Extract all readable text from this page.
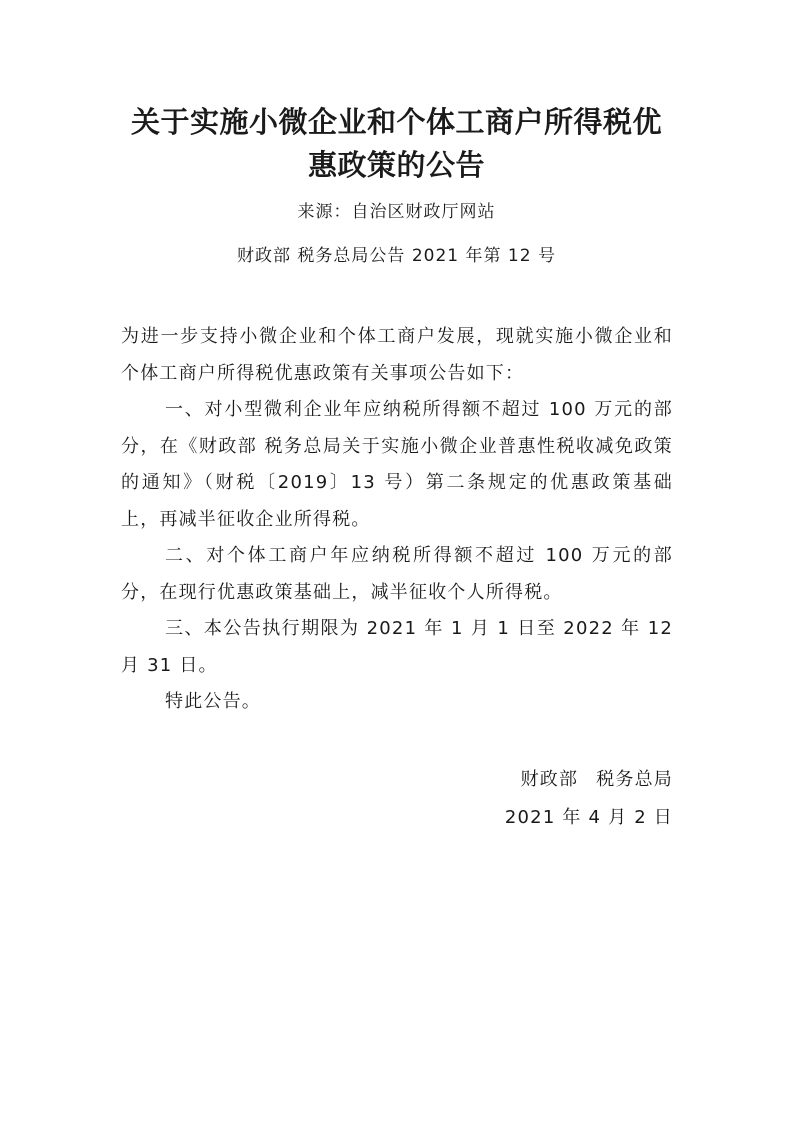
关于实施小微企业和个体工商户所得税优
惠政策的公告
来源：自治区财政厅网站
财政部 税务总局公告 2021 年第 12 号

为进一步支持小微企业和个体工商户发展，现就实施小微企业和个体工商户所得税优惠政策有关事项公告如下：

一、对小型微利企业年应纳税所得额不超过 100 万元的部分，在《财政部 税务总局关于实施小微企业普惠性税收减免政策的通知》（财税〔2019〕13 号）第二条规定的优惠政策基础上，再减半征收企业所得税。

二、对个体工商户年应纳税所得额不超过 100 万元的部分，在现行优惠政策基础上，减半征收个人所得税。

三、本公告执行期限为 2021 年 1 月 1 日至 2022 年 12 月 31 日。

特此公告。

财政部 税务总局
2021 年 4 月 2 日
